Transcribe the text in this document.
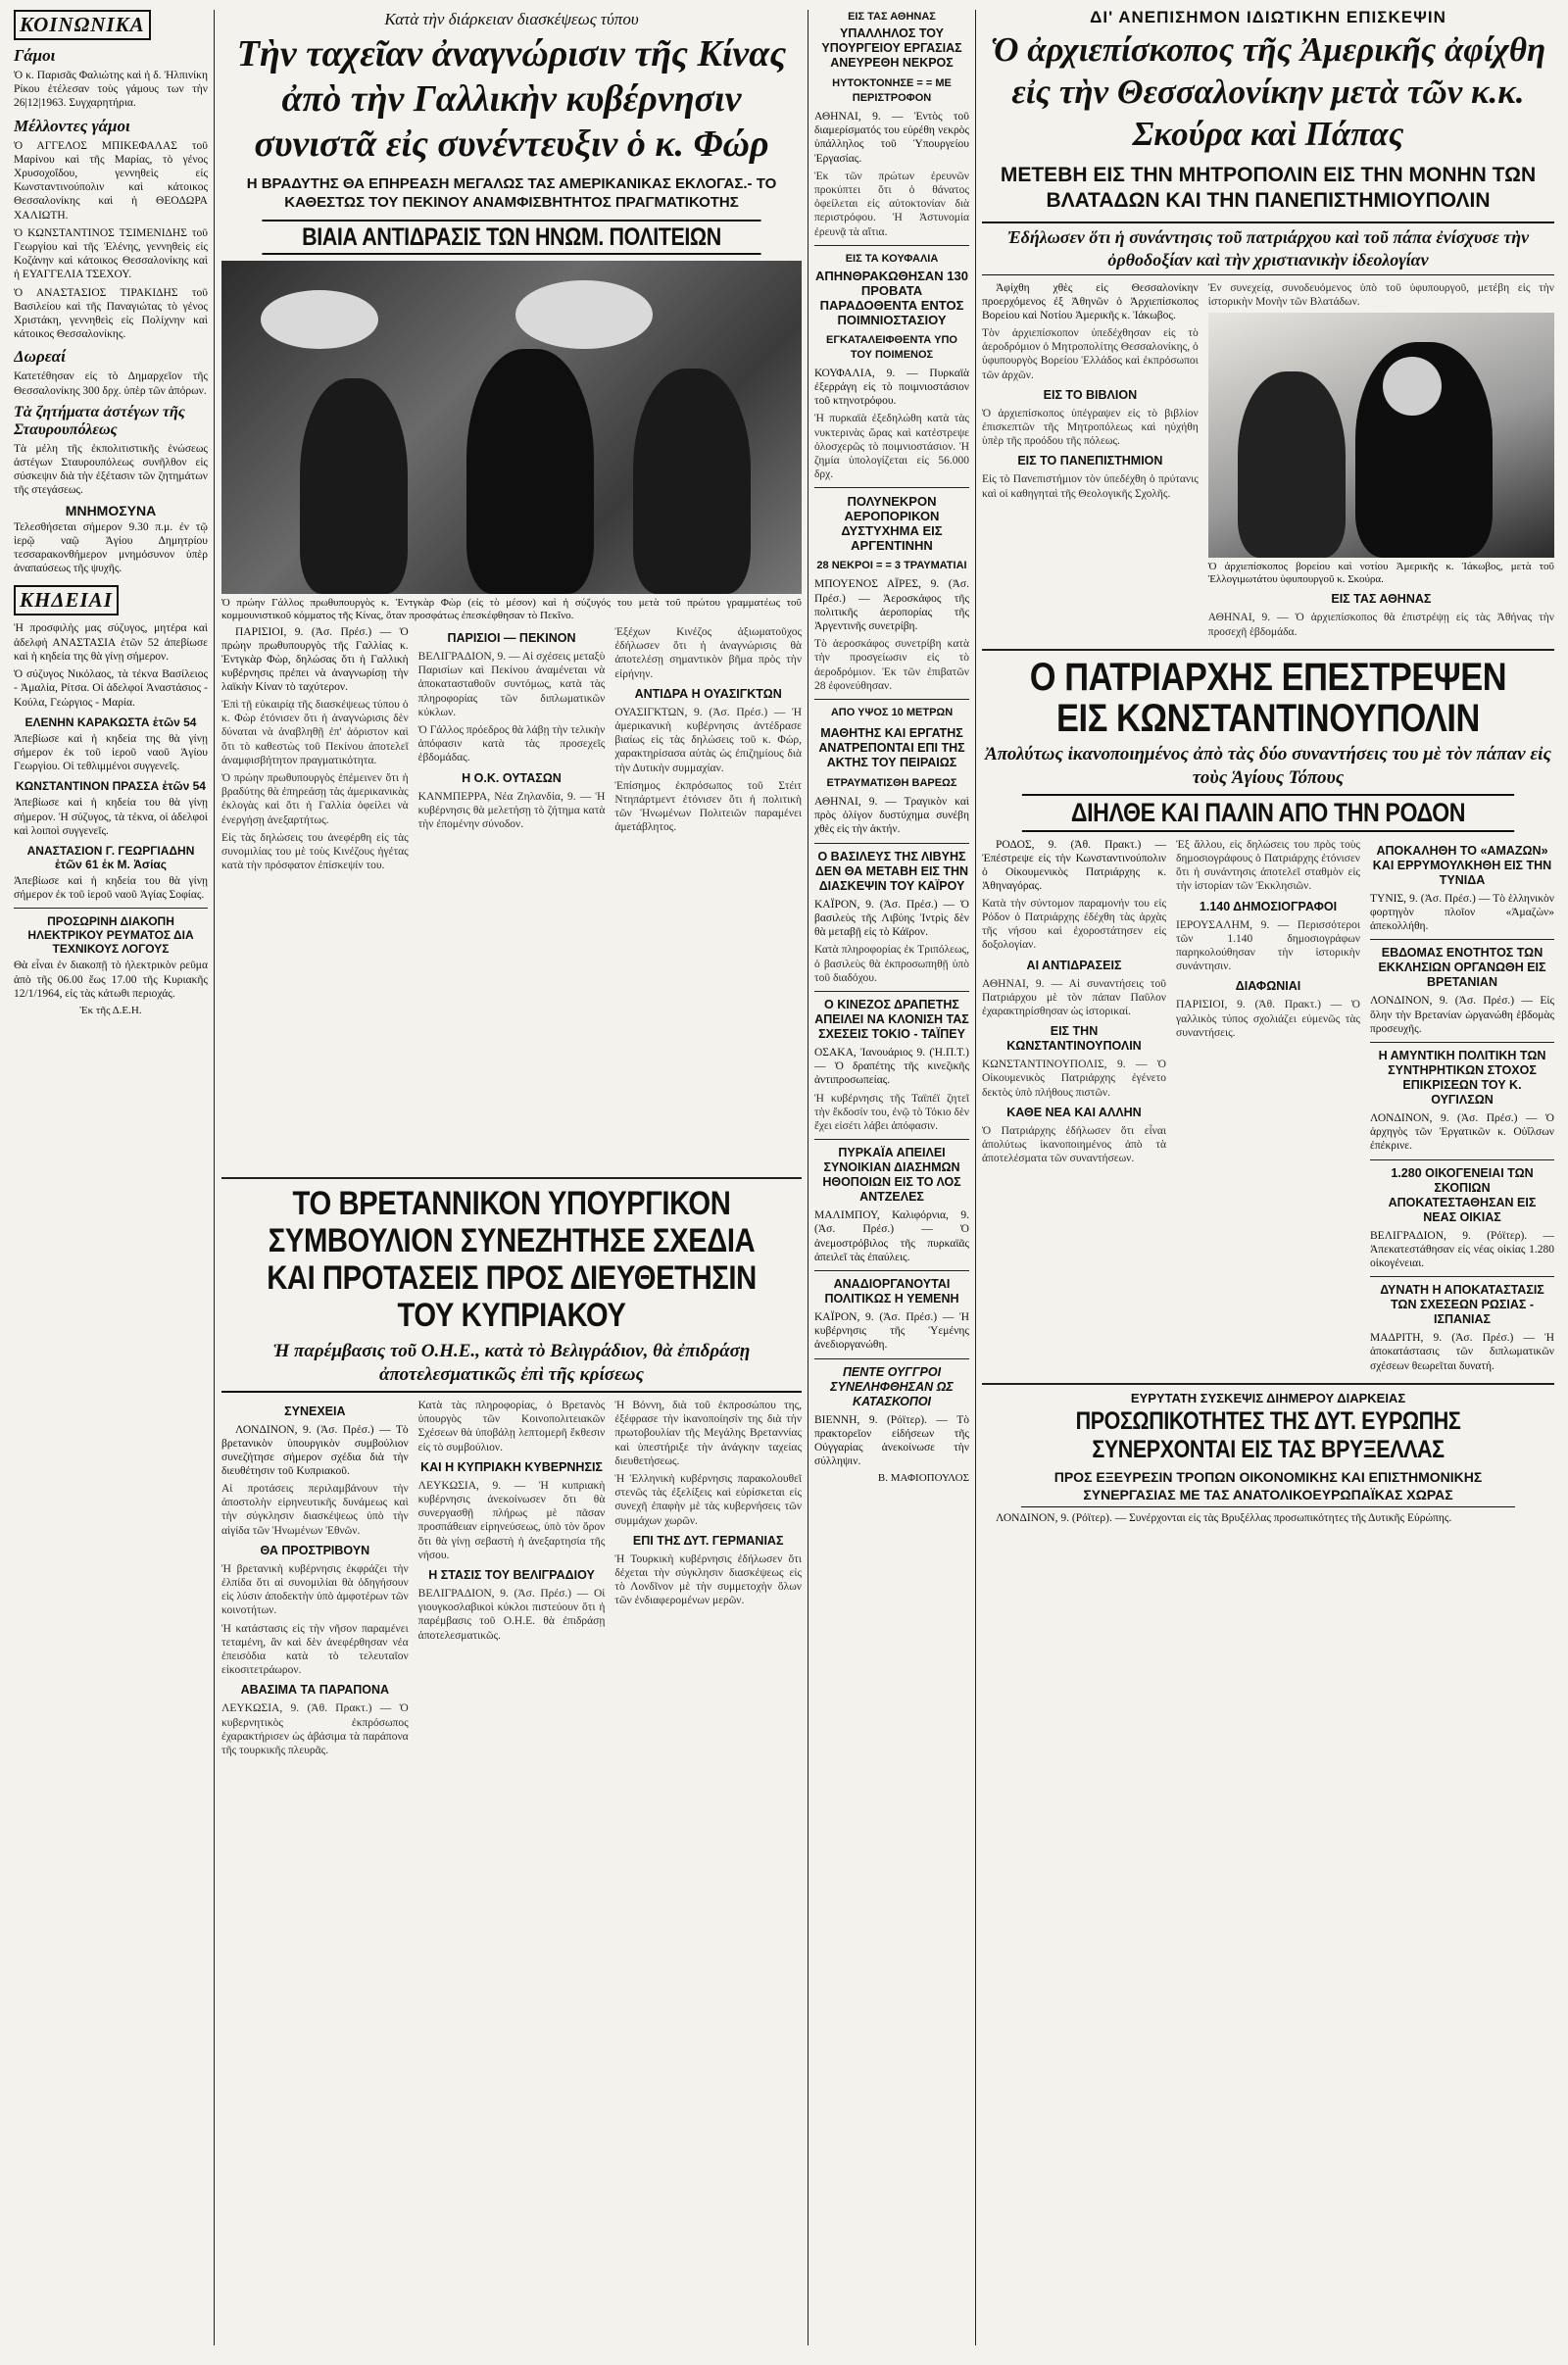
ΚΟΙΝΩΝΙΚΑ
Γάμοι

Ὁ κ. Παρισᾶς Φαλιώτης καὶ ἡ δ. Ἠλπινίκη Ρίκου ἐτέλεσαν τοὺς γάμους των τὴν 26|12|1963. Συγχαρητήρια.

Μέλλοντες γάμοι

Ὁ ΑΓΓΕΛΟΣ ΜΠΙΚΕΦΑΛΑΣ τοῦ Μαρίνου καὶ τῆς Μαρίας, τὸ γένος Χρυσοχοΐδου, γεννηθεὶς εἰς Κωνσταντινούπολιν καὶ κάτοικος Θεσσαλονίκης καὶ ἡ ΘΕΟΔΩΡΑ ΧΑΛΙΩΤΗ.

Ὁ ΚΩΝΣΤΑΝΤΙΝΟΣ ΤΣΙΜΕΝΙΔΗΣ τοῦ Γεωργίου καὶ τῆς Ἑλένης, γεννηθεὶς εἰς Κοζάνην καὶ κάτοικος Θεσσαλονίκης καὶ ἡ ΕΥΑΓΓΕΛΙΑ ΤΣΕΧΟΥ.

Ὁ ΑΝΑΣΤΑΣΙΟΣ ΤΙΡΑΚΙΔΗΣ τοῦ Βασιλείου καὶ τῆς Παναγιώτας τὸ γένος Χριστάκη, γεννηθεὶς εἰς Πολίχνην καὶ κάτοικος Θεσσαλονίκης.

Δωρεαί

Κατετέθησαν εἰς τὸ Δημαρχεῖον τῆς Θεσσαλονίκης 300 δρχ. ὑπὲρ τῶν ἀπόρων.

Τὰ ζητήματα ἀστέγων τῆς Σταυρουπόλεως

Τὰ μέλη τῆς ἐκπολιτιστικῆς ἑνώσεως ἀστέγων Σταυρουπόλεως συνῆλθον εἰς σύσκεψιν διὰ τὴν ἐξέτασιν τῶν ζητημάτων τῆς στεγάσεως.

ΜΝΗΜΟΣΥΝΑ

Τελεσθήσεται σήμερον 9.30 π.μ. ἐν τῷ ἱερῷ ναῷ Ἁγίου Δημητρίου τεσσαρακονθήμερον μνημόσυνον ὑπὲρ ἀναπαύσεως τῆς ψυχῆς.

ΚΗΔΕΙΑΙ

Ἡ προσφιλὴς μας σύζυγος, μητέρα καὶ ἀδελφή ΑΝΑΣΤΑΣΙΑ ἐτῶν 52 ἀπεβίωσε καὶ ἡ κηδεία της θὰ γίνῃ σήμερον.

Ὁ σύζυγος Νικόλαος, τὰ τέκνα Βασίλειος - Ἀμαλία, Ρίτσα. Οἱ ἀδελφοί Ἀναστάσιος - Κούλα, Γεώργιος - Μαρία.

ΕΛΕΝΗΝ ΚΑΡΑΚΩΣΤΑ ἐτῶν 54

Ἀπεβίωσε καὶ ἡ κηδεία της θὰ γίνῃ σήμερον ἐκ τοῦ ἱεροῦ ναοῦ Ἁγίου Γεωργίου. Οἱ τεθλιμμένοι συγγενεῖς.

ΚΩΝΣΤΑΝΤΙΝΟΝ ΠΡΑΣΣΑ ἐτῶν 54

Ἀπεβίωσε καὶ ἡ κηδεία του θὰ γίνῃ σήμερον. Ἡ σύζυγος, τὰ τέκνα, οἱ ἀδελφοὶ καὶ λοιποὶ συγγενεῖς.

ΑΝΑΣΤΑΣΙΟΝ Γ. ΓΕΩΡΓΙΑΔΗΝ ἐτῶν 61 ἐκ Μ. Ἀσίας

Ἀπεβίωσε καὶ ἡ κηδεία του θὰ γίνῃ σήμερον ἐκ τοῦ ἱεροῦ ναοῦ Ἁγίας Σοφίας.

ΠΡΟΣΩΡΙΝΗ ΔΙΑΚΟΠΗ ΗΛΕΚΤΡΙΚΟΥ ΡΕΥΜΑΤΟΣ ΔΙΑ ΤΕΧΝΙΚΟΥΣ ΛΟΓΟΥΣ

Θὰ εἶναι ἐν διακοπῇ τὸ ἠλεκτρικὸν ρεῦμα ἀπὸ τῆς 06.00 ἕως 17.00 τῆς Κυριακῆς 12/1/1964, εἰς τὰς κάτωθι περιοχάς.

Ἐκ τῆς Δ.Ε.Η.
Κατὰ τὴν διάρκειαν διασκέψεως τύπου
Τὴν ταχεῖαν ἀναγνώρισιν τῆς Κίνας ἀπὸ τὴν Γαλλικὴν κυβέρνησιν συνιστᾶ εἰς συνέντευξιν ὁ κ. Φώρ
Η ΒΡΑΔΥΤΗΣ ΘΑ ΕΠΗΡΕΑΣΗ ΜΕΓΑΛΩΣ ΤΑΣ ΑΜΕΡΙΚΑΝΙΚΑΣ ΕΚΛΟΓΑΣ.- ΤΟ ΚΑΘΕΣΤΩΣ ΤΟΥ ΠΕΚΙΝΟΥ ΑΝΑΜΦΙΣΒΗΤΗΤΟΣ ΠΡΑΓΜΑΤΙΚΟΤΗΣ
ΒΙΑΙΑ ΑΝΤΙΔΡΑΣΙΣ ΤΩΝ ΗΝΩΜ. ΠΟΛΙΤΕΙΩΝ
Ὁ πρώην Γάλλος πρωθυπουργὸς κ. Ἐντγκὰρ Φὼρ (εἰς τὸ μέσον) καὶ ἡ σύζυγός του μετὰ τοῦ πρώτου γραμματέως τοῦ κομμουνιστικοῦ κόμματος τῆς Κίνας, ὅταν προσφάτως ἐπεσκέφθησαν τὸ Πεκῖνο.

ΠΑΡΙΣΙΟΙ, 9. (Ἀσ. Πρέσ.) — Ὁ πρώην πρωθυπουργὸς τῆς Γαλλίας κ. Ἐντγκὰρ Φὼρ, δηλώσας ὅτι ἡ Γαλλικὴ κυβέρνησις πρέπει νὰ ἀναγνωρίσῃ τὴν λαϊκὴν Κίναν τὸ ταχύτερον.

Ἐπὶ τῇ εὐκαιρίᾳ τῆς διασκέψεως τύπου ὁ κ. Φὼρ ἐτόνισεν ὅτι ἡ ἀναγνώρισις δὲν δύναται νὰ ἀναβληθῇ ἐπ' ἀόριστον καὶ ὅτι τὸ καθεστὼς τοῦ Πεκίνου ἀποτελεῖ ἀναμφισβήτητον πραγματικότητα.

Ὁ πρώην πρωθυπουργὸς ἐπέμεινεν ὅτι ἡ βραδύτης θὰ ἐπηρεάσῃ τὰς ἀμερικανικὰς ἐκλογὰς καὶ ὅτι ἡ Γαλλία ὀφείλει νὰ ἐνεργήσῃ ἀνεξαρτήτως.

Εἰς τὰς δηλώσεις του ἀνεφέρθη εἰς τὰς συνομιλίας του μὲ τοὺς Κινέζους ἡγέτας κατὰ τὴν πρόσφατον ἐπίσκεψίν του.

ΠΑΡΙΣΙΟΙ — ΠΕΚΙΝΟΝ

ΒΕΛΙΓΡΑΔΙΟΝ, 9. — Αἱ σχέσεις μεταξὺ Παρισίων καὶ Πεκίνου ἀναμένεται νὰ ἀποκατασταθοῦν συντόμως, κατὰ τὰς πληροφορίας τῶν διπλωματικῶν κύκλων.

Ὁ Γάλλος πρόεδρος θὰ λάβῃ τὴν τελικὴν ἀπόφασιν κατὰ τὰς προσεχεῖς ἑβδομάδας.

Η Ο.Κ. ΟΥΤΑΣΩΝ

ΚΑΝΜΠΕΡΡΑ, Νέα Ζηλανδία, 9. — Ἡ κυβέρνησις θὰ μελετήσῃ τὸ ζήτημα κατὰ τὴν ἐπομένην σύνοδον.

Ἐξέχων Κινέζος ἀξιωματοῦχος ἐδήλωσεν ὅτι ἡ ἀναγνώρισις θὰ ἀποτελέσῃ σημαντικὸν βῆμα πρὸς τὴν εἰρήνην.

ΑΝΤΙΔΡΑ Η ΟΥΑΣΙΓΚΤΩΝ

ΟΥΑΣΙΓΚΤΩΝ, 9. (Ἀσ. Πρέσ.) — Ἡ ἀμερικανικὴ κυβέρνησις ἀντέδρασε βιαίως εἰς τὰς δηλώσεις τοῦ κ. Φώρ, χαρακτηρίσασα αὐτὰς ὡς ἐπιζημίους διὰ τὴν Δυτικὴν συμμαχίαν.

Ἐπίσημος ἐκπρόσωπος τοῦ Στέιτ Ντηπάρτμεντ ἐτόνισεν ὅτι ἡ πολιτικὴ τῶν Ἡνωμένων Πολιτειῶν παραμένει ἀμετάβλητος.

ΤΟ ΒΡΕΤΑΝΝΙΚΟΝ ΥΠΟΥΡΓΙΚΟΝ ΣΥΜΒΟΥΛΙΟΝ ΣΥΝΕΖΗΤΗΣΕ ΣΧΕΔΙΑ ΚΑΙ ΠΡΟΤΑΣΕΙΣ ΠΡΟΣ ΔΙΕΥΘΕΤΗΣΙΝ ΤΟΥ ΚΥΠΡΙΑΚΟΥ
Ἡ παρέμβασις τοῦ Ο.Η.Ε., κατὰ τὸ Βελιγράδιον, θὰ ἐπιδράσῃ ἀποτελεσματικῶς ἐπὶ τῆς κρίσεως
ΣΥΝΕΧΕΙΑ

ΛΟΝΔΙΝΟΝ, 9. (Ἀσ. Πρέσ.) — Τὸ βρετανικὸν ὑπουργικὸν συμβούλιον συνεζήτησε σήμερον σχέδια διὰ τὴν διευθέτησιν τοῦ Κυπριακοῦ.

Αἱ προτάσεις περιλαμβάνουν τὴν ἀποστολὴν εἰρηνευτικῆς δυνάμεως καὶ τὴν σύγκλησιν διασκέψεως ὑπὸ τὴν αἰγίδα τῶν Ἡνωμένων Ἐθνῶν.

ΘΑ ΠΡΟΣΤΡΙΒΟΥΝ

Ἡ βρετανικὴ κυβέρνησις ἐκφράζει τὴν ἐλπίδα ὅτι αἱ συνομιλίαι θὰ ὁδηγήσουν εἰς λύσιν ἀποδεκτὴν ὑπὸ ἀμφοτέρων τῶν κοινοτήτων.

Ἡ κατάστασις εἰς τὴν νῆσον παραμένει τεταμένη, ἂν καὶ δὲν ἀνεφέρθησαν νέα ἐπεισόδια κατὰ τὸ τελευταῖον εἰκοσιτετράωρον.

ΑΒΑΣΙΜΑ ΤΑ ΠΑΡΑΠΟΝΑ

ΛΕΥΚΩΣΙΑ, 9. (Ἀθ. Πρακτ.) — Ὁ κυβερνητικὸς ἐκπρόσωπος ἐχαρακτήρισεν ὡς ἀβάσιμα τὰ παράπονα τῆς τουρκικῆς πλευρᾶς.

Κατὰ τὰς πληροφορίας, ὁ Βρετανὸς ὑπουργὸς τῶν Κοινοπολιτειακῶν Σχέσεων θὰ ὑποβάλῃ λεπτομερῆ ἔκθεσιν εἰς τὸ συμβούλιον.

ΚΑΙ Η ΚΥΠΡΙΑΚΗ ΚΥΒΕΡΝΗΣΙΣ

ΛΕΥΚΩΣΙΑ, 9. — Ἡ κυπριακὴ κυβέρνησις ἀνεκοίνωσεν ὅτι θὰ συνεργασθῇ πλήρως μὲ πᾶσαν προσπάθειαν εἰρηνεύσεως, ὑπὸ τὸν ὅρον ὅτι θὰ γίνῃ σεβαστὴ ἡ ἀνεξαρτησία τῆς νήσου.

Η ΣΤΑΣΙΣ ΤΟΥ ΒΕΛΙΓΡΑΔΙΟΥ

ΒΕΛΙΓΡΑΔΙΟΝ, 9. (Ἀσ. Πρέσ.) — Οἱ γιουγκοσλαβικοὶ κύκλοι πιστεύουν ὅτι ἡ παρέμβασις τοῦ Ο.Η.Ε. θὰ ἐπιδράσῃ ἀποτελεσματικῶς.

Ἡ Βόννη, διὰ τοῦ ἐκπροσώπου της, ἐξέφρασε τὴν ἱκανοποίησίν της διὰ τὴν πρωτοβουλίαν τῆς Μεγάλης Βρεταννίας καὶ ὑπεστήριξε τὴν ἀνάγκην ταχείας διευθετήσεως.

Ἡ Ἑλληνικὴ κυβέρνησις παρακολουθεῖ στενῶς τὰς ἐξελίξεις καὶ εὑρίσκεται εἰς συνεχῆ ἐπαφὴν μὲ τὰς κυβερνήσεις τῶν συμμάχων χωρῶν.

ΕΠΙ ΤΗΣ ΔΥΤ. ΓΕΡΜΑΝΙΑΣ

Ἡ Τουρκικὴ κυβέρνησις ἐδήλωσεν ὅτι δέχεται τὴν σύγκλησιν διασκέψεως εἰς τὸ Λονδῖνον μὲ τὴν συμμετοχὴν ὅλων τῶν ἐνδιαφερομένων μερῶν.

ΕΙΣ ΤΑΣ ΑΘΗΝΑΣ
ΥΠΑΛΛΗΛΟΣ ΤΟΥ ΥΠΟΥΡΓΕΙΟΥ ΕΡΓΑΣΙΑΣ ΑΝΕΥΡΕΘΗ ΝΕΚΡΟΣ
ΗΥΤΟΚΤΟΝΗΣΕ = = ΜΕ ΠΕΡΙΣΤΡΟΦΟΝ

ΑΘΗΝΑΙ, 9. — Ἐντὸς τοῦ διαμερίσματός του εὑρέθη νεκρὸς ὑπάλληλος τοῦ Ὑπουργείου Ἐργασίας.

Ἐκ τῶν πρώτων ἐρευνῶν προκύπτει ὅτι ὁ θάνατος ὀφείλεται εἰς αὐτοκτονίαν διὰ περιστρόφου. Ἡ Ἀστυνομία ἐρευνᾷ τὰ αἴτια.

ΕΙΣ ΤΑ ΚΟΥΦΑΛΙΑ
ΑΠΗΝΘΡΑΚΩΘΗΣΑΝ 130 ΠΡΟΒΑΤΑ ΠΑΡΑΔΟΘΕΝΤΑ ΕΝΤΟΣ ΠΟΙΜΝΙΟΣΤΑΣΙΟΥ
ΕΓΚΑΤΑΛΕΙΦΘΕΝΤΑ ΥΠΟ ΤΟΥ ΠΟΙΜΕΝΟΣ

ΚΟΥΦΑΛΙΑ, 9. — Πυρκαϊὰ ἐξερράγη εἰς τὸ ποιμνιοστάσιον τοῦ κτηνοτρόφου.

Ἡ πυρκαϊὰ ἐξεδηλώθη κατὰ τὰς νυκτερινὰς ὥρας καὶ κατέστρεψε ὁλοσχερῶς τὸ ποιμνιοστάσιον. Ἡ ζημία ὑπολογίζεται εἰς 56.000 δρχ.

ΠΟΛΥΝΕΚΡΟΝ ΑΕΡΟΠΟΡΙΚΟΝ ΔΥΣΤΥΧΗΜΑ ΕΙΣ ΑΡΓΕΝΤΙΝΗΝ
28 ΝΕΚΡΟΙ = = 3 ΤΡΑΥΜΑΤΙΑΙ

ΜΠΟΥΕΝΟΣ ΑΪΡΕΣ, 9. (Ἀσ. Πρέσ.) — Ἀεροσκάφος τῆς πολιτικῆς ἀεροπορίας τῆς Ἀργεντινῆς συνετρίβη.

Τὸ ἀεροσκάφος συνετρίβη κατὰ τὴν προσγείωσιν εἰς τὸ ἀεροδρόμιον. Ἐκ τῶν ἐπιβατῶν 28 ἐφονεύθησαν.

ΑΠΟ ΥΨΟΣ 10 ΜΕΤΡΩΝ
ΜΑΘΗΤΗΣ ΚΑΙ ΕΡΓΑΤΗΣ ΑΝΑΤΡΕΠΟΝΤΑΙ ΕΠΙ ΤΗΣ ΑΚΤΗΣ ΤΟΥ ΠΕΙΡΑΙΩΣ
ΕΤΡΑΥΜΑΤΙΣΘΗ ΒΑΡΕΩΣ

ΑΘΗΝΑΙ, 9. — Τραγικὸν καὶ πρὸς ὀλίγον δυστύχημα συνέβη χθὲς εἰς τὴν ἀκτήν.

Ο ΒΑΣΙΛΕΥΣ ΤΗΣ ΛΙΒΥΗΣ ΔΕΝ ΘΑ ΜΕΤΑΒΗ ΕΙΣ ΤΗΝ ΔΙΑΣΚΕΨΙΝ ΤΟΥ ΚΑΪΡΟΥ

ΚΑΪΡΟΝ, 9. (Ἀσ. Πρέσ.) — Ὁ βασιλεὺς τῆς Λιβύης Ἰντρὶς δὲν θὰ μεταβῇ εἰς τὸ Κάϊρον.

Κατὰ πληροφορίας ἐκ Τριπόλεως, ὁ βασιλεὺς θὰ ἐκπροσωπηθῇ ὑπὸ τοῦ διαδόχου.

Ο ΚΙΝΕΖΟΣ ΔΡΑΠΕΤΗΣ ΑΠΕΙΛΕΙ ΝΑ ΚΛΟΝΙΣΗ ΤΑΣ ΣΧΕΣΕΙΣ ΤΟΚΙΟ - ΤΑΪΠΕΥ

ΟΣΑΚΑ, Ἰανουάριος 9. (Ἡ.Π.Τ.) — Ὁ δραπέτης τῆς κινεζικῆς ἀντιπροσωπείας.

Ἡ κυβέρνησις τῆς Ταϊπέϊ ζητεῖ τὴν ἔκδοσίν του, ἐνῷ τὸ Τόκιο δὲν ἔχει εἰσέτι λάβει ἀπόφασιν.

ΠΥΡΚΑΪΑ ΑΠΕΙΛΕΙ ΣΥΝΟΙΚΙΑΝ ΔΙΑΣΗΜΩΝ ΗΘΟΠΟΙΩΝ ΕΙΣ ΤΟ ΛΟΣ ΑΝΤΖΕΛΕΣ

ΜΑΛΙΜΠΟΥ, Καλιφόρνια, 9. (Ἀσ. Πρέσ.) — Ὁ ἀνεμοστρόβιλος τῆς πυρκαϊᾶς ἀπειλεῖ τὰς ἐπαύλεις.

ΑΝΑΔΙΟΡΓΑΝΟΥΤΑΙ ΠΟΛΙΤΙΚΩΣ Η ΥΕΜΕΝΗ

ΚΑΪΡΟΝ, 9. (Ἀσ. Πρέσ.) — Ἡ κυβέρνησις τῆς Ὑεμένης ἀνεδιοργανώθη.

ΠΕΝΤΕ ΟΥΓΓΡΟΙ ΣΥΝΕΛΗΦΘΗΣΑΝ ΩΣ ΚΑΤΑΣΚΟΠΟΙ

ΒΙΕΝΝΗ, 9. (Ρόϊτερ). — Τὸ πρακτορεῖον εἰδήσεων τῆς Οὐγγαρίας ἀνεκοίνωσε τὴν σύλληψιν.

Β. ΜΑΦΙΟΠΟΥΛΟΣ
ΔΙ' ΑΝΕΠΙΣΗΜΟΝ ΙΔΙΩΤΙΚΗΝ ΕΠΙΣΚΕΨΙΝ
Ὁ ἀρχιεπίσκοπος τῆς Ἀμερικῆς ἀφίχθη εἰς τὴν Θεσσαλονίκην μετὰ τῶν κ.κ. Σκούρα καὶ Πάπας
ΜΕΤΕΒΗ ΕΙΣ ΤΗΝ ΜΗΤΡΟΠΟΛΙΝ ΕΙΣ ΤΗΝ ΜΟΝΗΝ ΤΩΝ ΒΛΑΤΑΔΩΝ ΚΑΙ ΤΗΝ ΠΑΝΕΠΙΣΤΗΜΙΟΥΠΟΛΙΝ
Ἐδήλωσεν ὅτι ἡ συνάντησις τοῦ πατριάρχου καὶ τοῦ πάπα ἐνίσχυσε τὴν ὀρθοδοξίαν καὶ τὴν χριστιανικὴν ἰδεολογίαν

Ἀφίχθη χθὲς εἰς Θεσσαλονίκην προερχόμενος ἐξ Ἀθηνῶν ὁ Ἀρχιεπίσκοπος Βορείου καὶ Νοτίου Ἀμερικῆς κ. Ἰάκωβος.

Τὸν ἀρχιεπίσκοπον ὑπεδέχθησαν εἰς τὸ ἀεροδρόμιον ὁ Μητροπολίτης Θεσσαλονίκης, ὁ ὑφυπουργὸς Βορείου Ἑλλάδος καὶ ἐκπρόσωποι τῶν ἀρχῶν.

ΕΙΣ ΤΟ ΒΙΒΛΙΟΝ

Ὁ ἀρχιεπίσκοπος ὑπέγραψεν εἰς τὸ βιβλίον ἐπισκεπτῶν τῆς Μητροπόλεως καὶ ηὐχήθη ὑπὲρ τῆς προόδου τῆς πόλεως.

ΕΙΣ ΤΟ ΠΑΝΕΠΙΣΤΗΜΙΟΝ

Εἰς τὸ Πανεπιστήμιον τὸν ὑπεδέχθη ὁ πρύτανις καὶ οἱ καθηγηταὶ τῆς Θεολογικῆς Σχολῆς.

Ἐν συνεχείᾳ, συνοδευόμενος ὑπὸ τοῦ ὑφυπουργοῦ, μετέβη εἰς τὴν ἱστορικὴν Μονὴν τῶν Βλατάδων.

Ὁ ἀρχιεπίσκοπος βορείου καὶ νοτίου Ἀμερικῆς κ. Ἰάκωβος, μετὰ τοῦ Ἐλλογιμωτάτου ὑφυπουργοῦ κ. Σκούρα.
ΕΙΣ ΤΑΣ ΑΘΗΝΑΣ

ΑΘΗΝΑΙ, 9. — Ὁ ἀρχιεπίσκοπος θὰ ἐπιστρέψῃ εἰς τὰς Ἀθήνας τὴν προσεχῆ ἑβδομάδα.

Ο ΠΑΤΡΙΑΡΧΗΣ ΕΠΕΣΤΡΕΨΕΝ ΕΙΣ ΚΩΝΣΤΑΝΤΙΝΟΥΠΟΛΙΝ
Ἀπολύτως ἱκανοποιημένος ἀπὸ τὰς δύο συναντήσεις του μὲ τὸν πάπαν εἰς τοὺς Ἁγίους Τόπους
ΔΙΗΛΘΕ ΚΑΙ ΠΑΛΙΝ ΑΠΟ ΤΗΝ ΡΟΔΟΝ

ΡΟΔΟΣ, 9. (Ἀθ. Πρακτ.) — Ἐπέστρεψε εἰς τὴν Κωνσταντινούπολιν ὁ Οἰκουμενικὸς Πατριάρχης κ. Ἀθηναγόρας.

Κατὰ τὴν σύντομον παραμονήν του εἰς Ρόδον ὁ Πατριάρχης ἐδέχθη τὰς ἀρχὰς τῆς νήσου καὶ ἐχοροστάτησεν εἰς δοξολογίαν.

ΑΙ ΑΝΤΙΔΡΑΣΕΙΣ

ΑΘΗΝΑΙ, 9. — Αἱ συναντήσεις τοῦ Πατριάρχου μὲ τὸν πάπαν Παῦλον ἐχαρακτηρίσθησαν ὡς ἱστορικαί.

ΕΙΣ ΤΗΝ ΚΩΝΣΤΑΝΤΙΝΟΥΠΟΛΙΝ

ΚΩΝΣΤΑΝΤΙΝΟΥΠΟΛΙΣ, 9. — Ὁ Οἰκουμενικὸς Πατριάρχης ἐγένετο δεκτὸς ὑπὸ πλήθους πιστῶν.

ΚΑΘΕ ΝΕΑ ΚΑΙ ΑΛΛΗΝ

Ὁ Πατριάρχης ἐδήλωσεν ὅτι εἶναι ἀπολύτως ἱκανοποιημένος ἀπὸ τὰ ἀποτελέσματα τῶν συναντήσεων.

Ἐξ ἄλλου, εἰς δηλώσεις του πρὸς τοὺς δημοσιογράφους ὁ Πατριάρχης ἐτόνισεν ὅτι ἡ συνάντησις ἀποτελεῖ σταθμὸν εἰς τὴν ἱστορίαν τῶν Ἐκκλησιῶν.

1.140 ΔΗΜΟΣΙΟΓΡΑΦΟΙ

ΙΕΡΟΥΣΑΛΗΜ, 9. — Περισσότεροι τῶν 1.140 δημοσιογράφων παρηκολούθησαν τὴν ἱστορικὴν συνάντησιν.

ΔΙΑΦΩΝΙΑΙ

ΠΑΡΙΣΙΟΙ, 9. (Ἀθ. Πρακτ.) — Ὁ γαλλικὸς τύπος σχολιάζει εὐμενῶς τὰς συναντήσεις.

ΑΠΟΚΑΛΗΘΗ ΤΟ «ΑΜΑΖΩΝ» ΚΑΙ ΕΡΡΥΜΟΥΛΚΗΘΗ ΕΙΣ ΤΗΝ ΤΥΝΙΔΑ

ΤΥΝΙΣ, 9. (Ἀσ. Πρέσ.) — Τὸ ἑλληνικὸν φορτηγὸν πλοῖον «Ἀμαζὼν» ἀπεκολλήθη.

ΕΒΔΟΜΑΣ ΕΝΟΤΗΤΟΣ ΤΩΝ ΕΚΚΛΗΣΙΩΝ ΟΡΓΑΝΩΘΗ ΕΙΣ ΒΡΕΤΑΝΙΑΝ

ΛΟΝΔΙΝΟΝ, 9. (Ἀσ. Πρέσ.) — Εἰς ὅλην τὴν Βρετανίαν ὠργανώθη ἑβδομὰς προσευχῆς.

Η ΑΜΥΝΤΙΚΗ ΠΟΛΙΤΙΚΗ ΤΩΝ ΣΥΝΤΗΡΗΤΙΚΩΝ ΣΤΟΧΟΣ ΕΠΙΚΡΙΣΕΩΝ ΤΟΥ Κ. ΟΥΓΙΛΣΩΝ

ΛΟΝΔΙΝΟΝ, 9. (Ἀσ. Πρέσ.) — Ὁ ἀρχηγὸς τῶν Ἐργατικῶν κ. Οὐΐλσων ἐπέκρινε.

1.280 ΟΙΚΟΓΕΝΕΙΑΙ ΤΩΝ ΣΚΟΠΙΩΝ ΑΠΟΚΑΤΕΣΤΑΘΗΣΑΝ ΕΙΣ ΝΕΑΣ ΟΙΚΙΑΣ

ΒΕΛΙΓΡΑΔΙΟΝ, 9. (Ρόϊτερ). — Ἀπεκατεστάθησαν εἰς νέας οἰκίας 1.280 οἰκογένειαι.

ΔΥΝΑΤΗ Η ΑΠΟΚΑΤΑΣΤΑΣΙΣ ΤΩΝ ΣΧΕΣΕΩΝ ΡΩΣΙΑΣ - ΙΣΠΑΝΙΑΣ

ΜΑΔΡΙΤΗ, 9. (Ἀσ. Πρέσ.) — Ἡ ἀποκατάστασις τῶν διπλωματικῶν σχέσεων θεωρεῖται δυνατή.

ΕΥΡΥΤΑΤΗ ΣΥΣΚΕΨΙΣ ΔΙΗΜΕΡΟΥ ΔΙΑΡΚΕΙΑΣ
ΠΡΟΣΩΠΙΚΟΤΗΤΕΣ ΤΗΣ ΔΥΤ. ΕΥΡΩΠΗΣ ΣΥΝΕΡΧΟΝΤΑΙ ΕΙΣ ΤΑΣ ΒΡΥΞΕΛΛΑΣ
ΠΡΟΣ ΕΞΕΥΡΕΣΙΝ ΤΡΟΠΩΝ ΟΙΚΟΝΟΜΙΚΗΣ ΚΑΙ ΕΠΙΣΤΗΜΟΝΙΚΗΣ ΣΥΝΕΡΓΑΣΙΑΣ ΜΕ ΤΑΣ ΑΝΑΤΟΛΙΚΟΕΥΡΩΠΑΪΚΑΣ ΧΩΡΑΣ

ΛΟΝΔΙΝΟΝ, 9. (Ρόϊτερ). — Συνέρχονται εἰς τὰς Βρυξέλλας προσωπικότητες τῆς Δυτικῆς Εὐρώπης.
